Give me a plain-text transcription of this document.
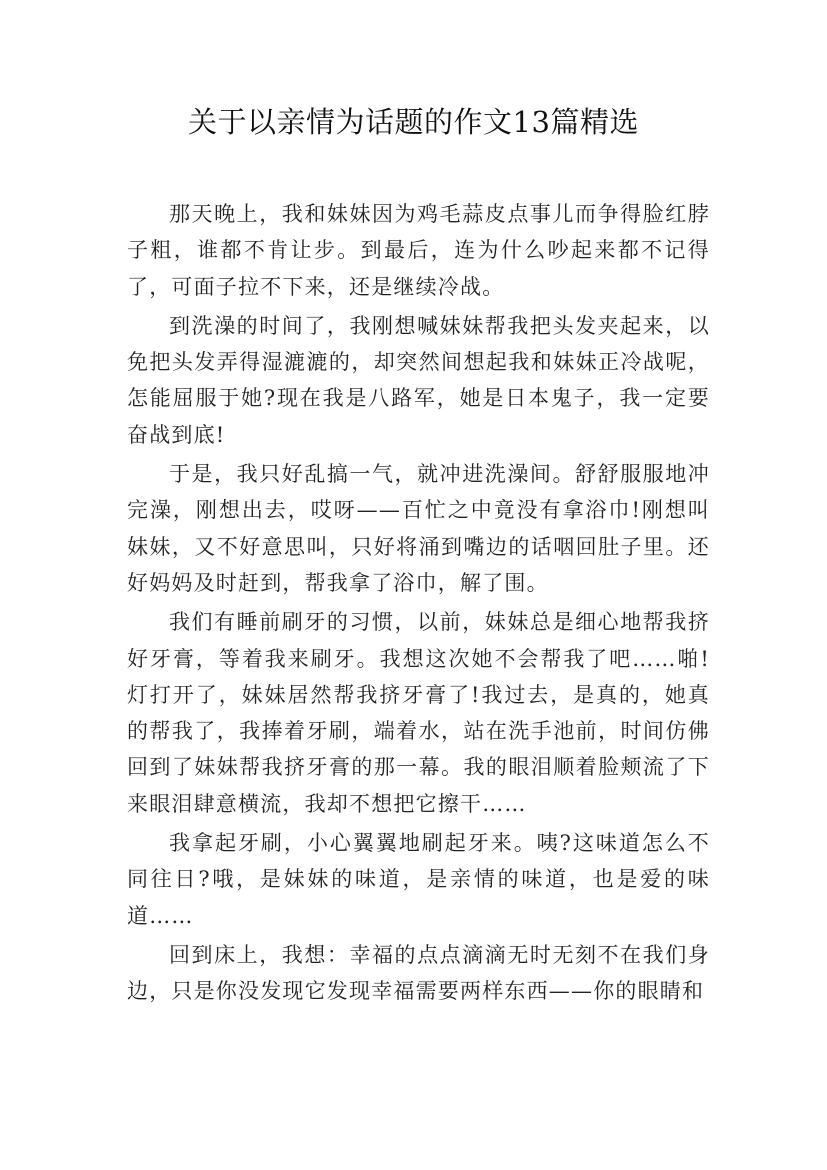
关于以亲情为话题的作文13篇精选

那天晚上，我和妹妹因为鸡毛蒜皮点事儿而争得脸红脖子粗，谁都不肯让步。到最后，连为什么吵起来都不记得了，可面子拉不下来，还是继续冷战。

到洗澡的时间了，我刚想喊妹妹帮我把头发夹起来，以免把头发弄得湿漉漉的，却突然间想起我和妹妹正冷战呢，怎能屈服于她?现在我是八路军，她是日本鬼子，我一定要奋战到底!

于是，我只好乱搞一气，就冲进洗澡间。舒舒服服地冲完澡，刚想出去，哎呀——百忙之中竟没有拿浴巾!刚想叫妹妹，又不好意思叫，只好将涌到嘴边的话咽回肚子里。还好妈妈及时赶到，帮我拿了浴巾，解了围。

我们有睡前刷牙的习惯，以前，妹妹总是细心地帮我挤好牙膏，等着我来刷牙。我想这次她不会帮我了吧……啪!灯打开了，妹妹居然帮我挤牙膏了!我过去，是真的，她真的帮我了，我捧着牙刷，端着水，站在洗手池前，时间仿佛回到了妹妹帮我挤牙膏的那一幕。我的眼泪顺着脸颊流了下来眼泪肆意横流，我却不想把它擦干……

我拿起牙刷，小心翼翼地刷起牙来。咦?这味道怎么不同往日?哦，是妹妹的味道，是亲情的味道，也是爱的味道……

回到床上，我想：幸福的点点滴滴无时无刻不在我们身边，只是你没发现它发现幸福需要两样东西——你的眼睛和
